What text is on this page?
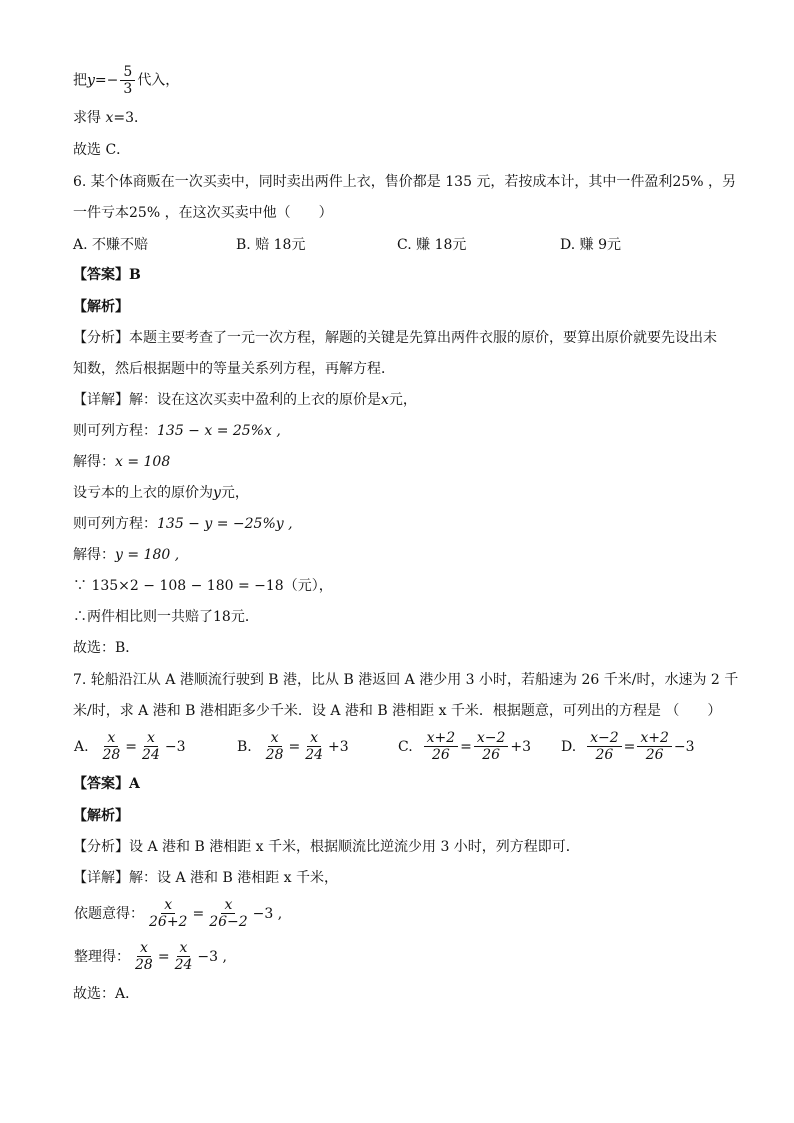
把$y=- \frac{5}{3}$ 代入，
求得 x=3．
故选 C．
6. 某个体商贩在一次买卖中，同时卖出两件上衣，售价都是 135 元，若按成本计，其中一件盈利25% ，另
一件亏本25% ，在这次买卖中他（　　）
A. 不赚不赔	B. 赔 18元	C. 赚 18元	D. 赚 9元
【答案】B
【解析】
【分析】本题主要考查了一元一次方程，解题的关键是先算出两件衣服的原价，要算出原价就要先设出未
知数，然后根据题中的等量关系列方程，再解方程．
【详解】解：设在这次买卖中盈利的上衣的原价是x元，
则可列方程：135 − x = 25%x ,
解得：x = 108
设亏本的上衣的原价为y元，
则可列方程：135 − y = −25%y ,
解得：y = 180 ,
∵ 135×2 − 108 − 180 = −18（元），
∴两件相比则一共赔了18元．
故选：B．
7. 轮船沿江从 A 港顺流行驶到 B 港，比从 B 港返回 A 港少用 3 小时，若船速为 26 千米/时，水速为 2 千
米/时，求 A 港和 B 港相距多少千米．设 A 港和 B 港相距 x 千米．根据题意，可列出的方程是 （　　）
A.
$\frac{x}{28} = \frac{x}{24} -3$	B.
$\frac{x}{28} = \frac{x}{24} +3$	C.
$\frac{x+2}{26} = \frac{x-2}{26} +3$ D.
$\frac{x-2}{26} = \frac{x+2}{26} -3$
【答案】A
【解析】
【分析】设 A 港和 B 港相距 x 千米，根据顺流比逆流少用 3 小时，列方程即可．
【详解】解：设 A 港和 B 港相距 x 千米，
依题意得： $\frac{x}{26+2} = \frac{x}{26-2} -3$ ,
整理得： $\frac{x}{28} = \frac{x}{24} -3$ ,
故选：A．
